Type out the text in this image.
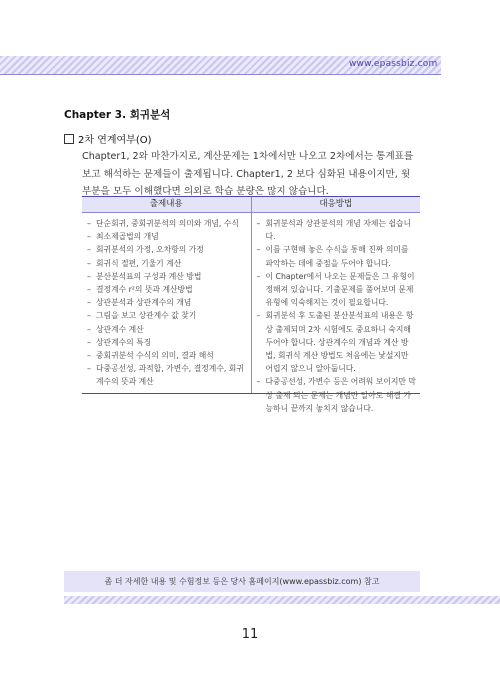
www.epassbiz.com
Chapter 3. 회귀분석
2차 연계여부(O)
Chapter1, 2와 마찬가지로, 계산문제는 1차에서만 나오고 2차에서는 통계표를 보고 해석하는 문제들이 출제됩니다. Chapter1, 2 보다 심화된 내용이지만, 윗 부분을 모두 이해했다면 의외로 학습 분량은 많지 않습니다.
출제내용	대응방법
– 단순회귀, 중회귀분석의 의미와 개념, 수식
– 최소제곱법의 개념
– 회귀분석의 가정, 오차항의 가정
– 회귀식 절편, 기울기 계산
– 분산분석표의 구성과 계산 방법
– 결정계수 r²의 뜻과 계산방법
– 상관분석과 상관계수의 개념
– 그림을 보고 상관계수 값 찾기
– 상관계수 계산
– 상관계수의 특징
– 중회귀분석 수식의 의미, 결과 해석
– 다중공선성, 과적합, 가변수, 결정계수, 회귀계수의 뜻과 계산
– 회귀분석과 상관분석의 개념 자체는 쉽습니다.
– 이를 구현해 놓은 수식을 통해 진짜 의미를 파악하는 데에 중점을 두어야 합니다.
– 이 Chapter에서 나오는 문제들은 그 유형이 정해져 있습니다. 기출문제를 풀어보며 문제 유형에 익숙해지는 것이 필요합니다.
– 회귀분석 후 도출된 분산분석표의 내용은 항상 출제되며 2차 시험에도 중요하니 숙지해 두어야 합니다. 상관계수의 개념과 계산 방법, 회귀식 계산 방법도 처음에는 낯설지만 어렵지 않으니 알아둡니다.
– 다중공선성, 가변수 등은 어려워 보이지만 막상 출제 되는 문제는 개념만 알아도 해결 가능하니 끝까지 놓치지 않습니다.
좀 더 자세한 내용 및 수험정보 등은 당사 홈페이지(www.epassbiz.com) 참고
11
